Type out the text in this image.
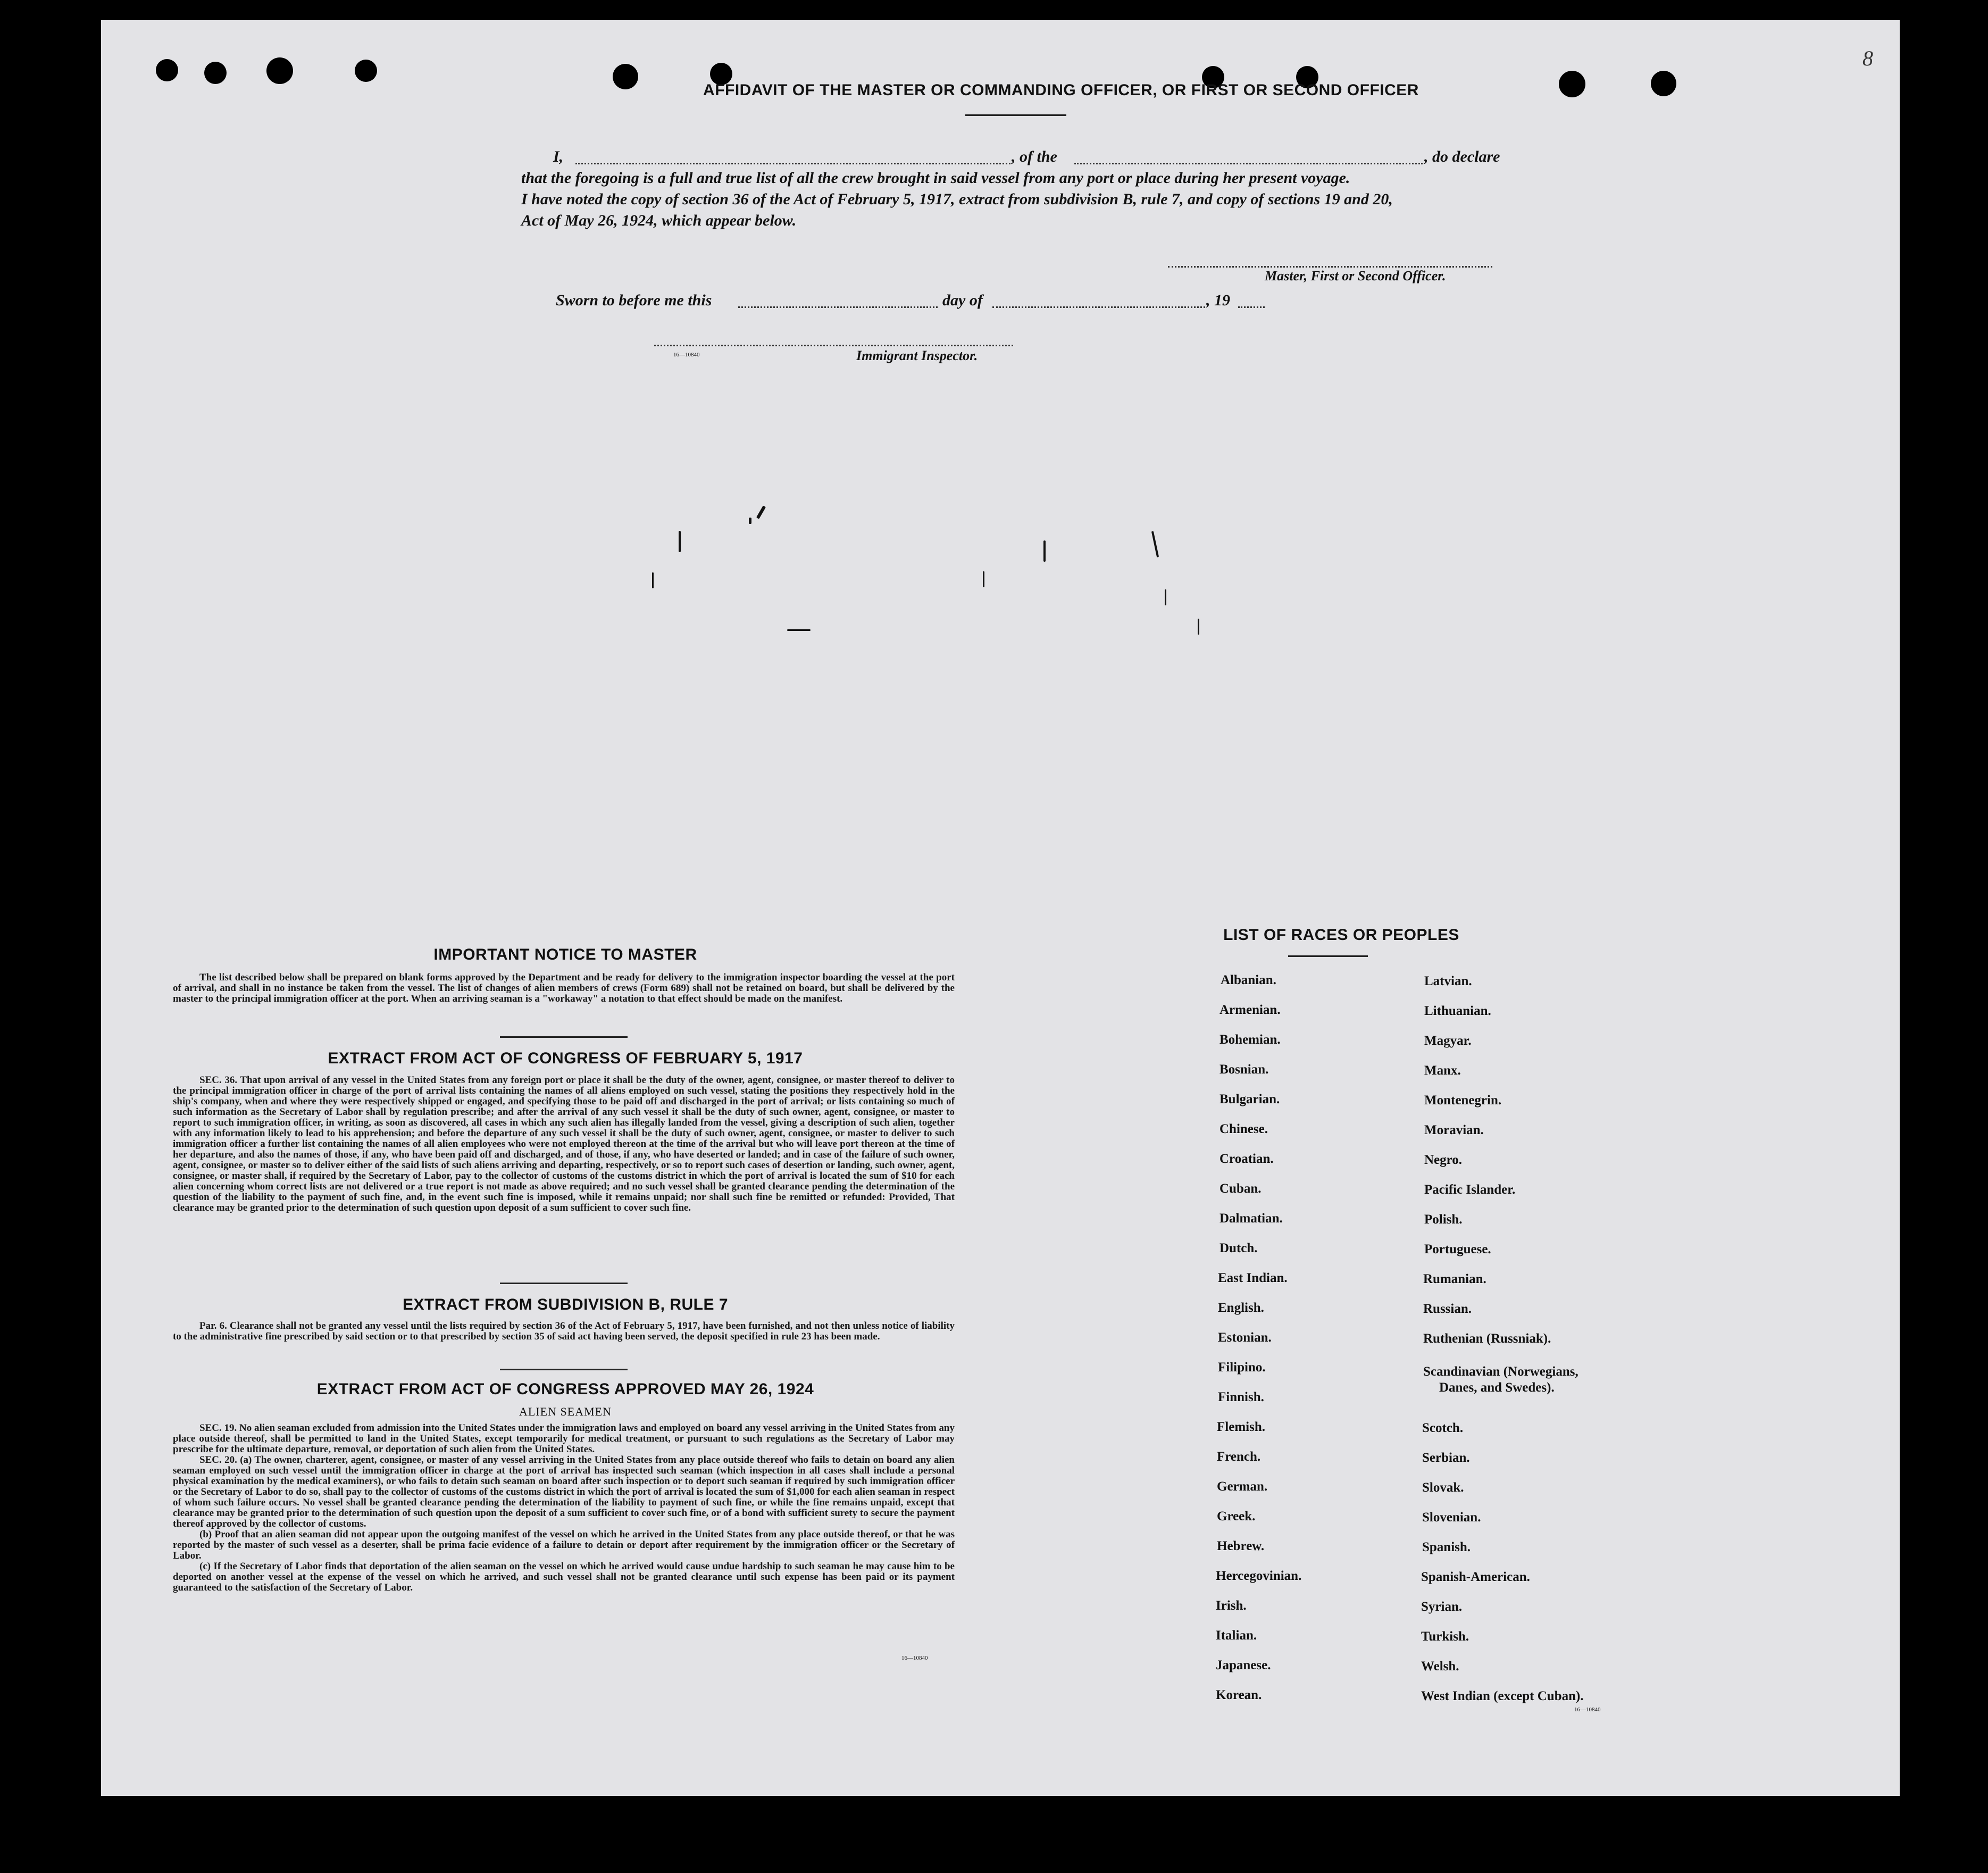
8
AFFIDAVIT OF THE MASTER OR COMMANDING OFFICER, OR FIRST OR SECOND OFFICER
I,	, of the	, do declare
that the foregoing is a full and true list of all the crew brought in said vessel from any port or place during her present voyage.
I have noted the copy of section 36 of the Act of February 5, 1917, extract from subdivision B, rule 7, and copy of sections 19 and 20,
Act of May 26, 1924, which appear below.
Master, First or Second Officer.
Sworn to before me this	day of	, 19
16—10840	Immigrant Inspector.
IMPORTANT NOTICE TO MASTER

The list described below shall be prepared on blank forms approved by the Department and be ready for delivery to the immigration inspector boarding the vessel at the port of arrival, and shall in no instance be taken from the vessel. The list of changes of alien members of crews (Form 689) shall not be retained on board, but shall be delivered by the master to the principal immigration officer at the port. When an arriving seaman is a "workaway" a notation to that effect should be made on the manifest.

EXTRACT FROM ACT OF CONGRESS OF FEBRUARY 5, 1917

SEC. 36. That upon arrival of any vessel in the United States from any foreign port or place it shall be the duty of the owner, agent, consignee, or master thereof to deliver to the principal immigration officer in charge of the port of arrival lists containing the names of all aliens employed on such vessel, stating the positions they respectively hold in the ship's company, when and where they were respectively shipped or engaged, and specifying those to be paid off and discharged in the port of arrival; or lists containing so much of such information as the Secretary of Labor shall by regulation prescribe; and after the arrival of any such vessel it shall be the duty of such owner, agent, consignee, or master to report to such immigration officer, in writing, as soon as discovered, all cases in which any such alien has illegally landed from the vessel, giving a description of such alien, together with any information likely to lead to his apprehension; and before the departure of any such vessel it shall be the duty of such owner, agent, consignee, or master to deliver to such immigration officer a further list containing the names of all alien employees who were not employed thereon at the time of the arrival but who will leave port thereon at the time of her departure, and also the names of those, if any, who have been paid off and discharged, and of those, if any, who have deserted or landed; and in case of the failure of such owner, agent, consignee, or master so to deliver either of the said lists of such aliens arriving and departing, respectively, or so to report such cases of desertion or landing, such owner, agent, consignee, or master shall, if required by the Secretary of Labor, pay to the collector of customs of the customs district in which the port of arrival is located the sum of $10 for each alien concerning whom correct lists are not delivered or a true report is not made as above required; and no such vessel shall be granted clearance pending the determination of the question of the liability to the payment of such fine, and, in the event such fine is imposed, while it remains unpaid; nor shall such fine be remitted or refunded: Provided, That clearance may be granted prior to the determination of such question upon deposit of a sum sufficient to cover such fine.

EXTRACT FROM SUBDIVISION B, RULE 7

Par. 6. Clearance shall not be granted any vessel until the lists required by section 36 of the Act of February 5, 1917, have been furnished, and not then unless notice of liability to the administrative fine prescribed by said section or to that prescribed by section 35 of said act having been served, the deposit specified in rule 23 has been made.

EXTRACT FROM ACT OF CONGRESS APPROVED MAY 26, 1924
ALIEN SEAMEN

SEC. 19. No alien seaman excluded from admission into the United States under the immigration laws and employed on board any vessel arriving in the United States from any place outside thereof, shall be permitted to land in the United States, except temporarily for medical treatment, or pursuant to such regulations as the Secretary of Labor may prescribe for the ultimate departure, removal, or deportation of such alien from the United States.

SEC. 20. (a) The owner, charterer, agent, consignee, or master of any vessel arriving in the United States from any place outside thereof who fails to detain on board any alien seaman employed on such vessel until the immigration officer in charge at the port of arrival has inspected such seaman (which inspection in all cases shall include a personal physical examination by the medical examiners), or who fails to detain such seaman on board after such inspection or to deport such seaman if required by such immigration officer or the Secretary of Labor to do so, shall pay to the collector of customs of the customs district in which the port of arrival is located the sum of $1,000 for each alien seaman in respect of whom such failure occurs. No vessel shall be granted clearance pending the determination of the liability to payment of such fine, or while the fine remains unpaid, except that clearance may be granted prior to the determination of such question upon the deposit of a sum sufficient to cover such fine, or of a bond with sufficient surety to secure the payment thereof approved by the collector of customs.

(b) Proof that an alien seaman did not appear upon the outgoing manifest of the vessel on which he arrived in the United States from any place outside thereof, or that he was reported by the master of such vessel as a deserter, shall be prima facie evidence of a failure to detain or deport after requirement by the immigration officer or the Secretary of Labor.

(c) If the Secretary of Labor finds that deportation of the alien seaman on the vessel on which he arrived would cause undue hardship to such seaman he may cause him to be deported on another vessel at the expense of the vessel on which he arrived, and such vessel shall not be granted clearance until such expense has been paid or its payment guaranteed to the satisfaction of the Secretary of Labor.

16—10840
LIST OF RACES OR PEOPLES
Albanian.
Armenian.
Bohemian.
Bosnian.
Bulgarian.
Chinese.
Croatian.
Cuban.
Dalmatian.
Dutch.
East Indian.
English.
Estonian.
Filipino.
Finnish.
Flemish.
French.
German.
Greek.
Hebrew.
Hercegovinian.
Irish.
Italian.
Japanese.
Korean.
Latvian.
Lithuanian.
Magyar.
Manx.
Montenegrin.
Moravian.
Negro.
Pacific Islander.
Polish.
Portuguese.
Rumanian.
Russian.
Ruthenian (Russniak).
Scandinavian (Norwegians,
Danes, and Swedes).
Scotch.
Serbian.
Slovak.
Slovenian.
Spanish.
Spanish-American.
Syrian.
Turkish.
Welsh.
West Indian (except Cuban).
16—10840
